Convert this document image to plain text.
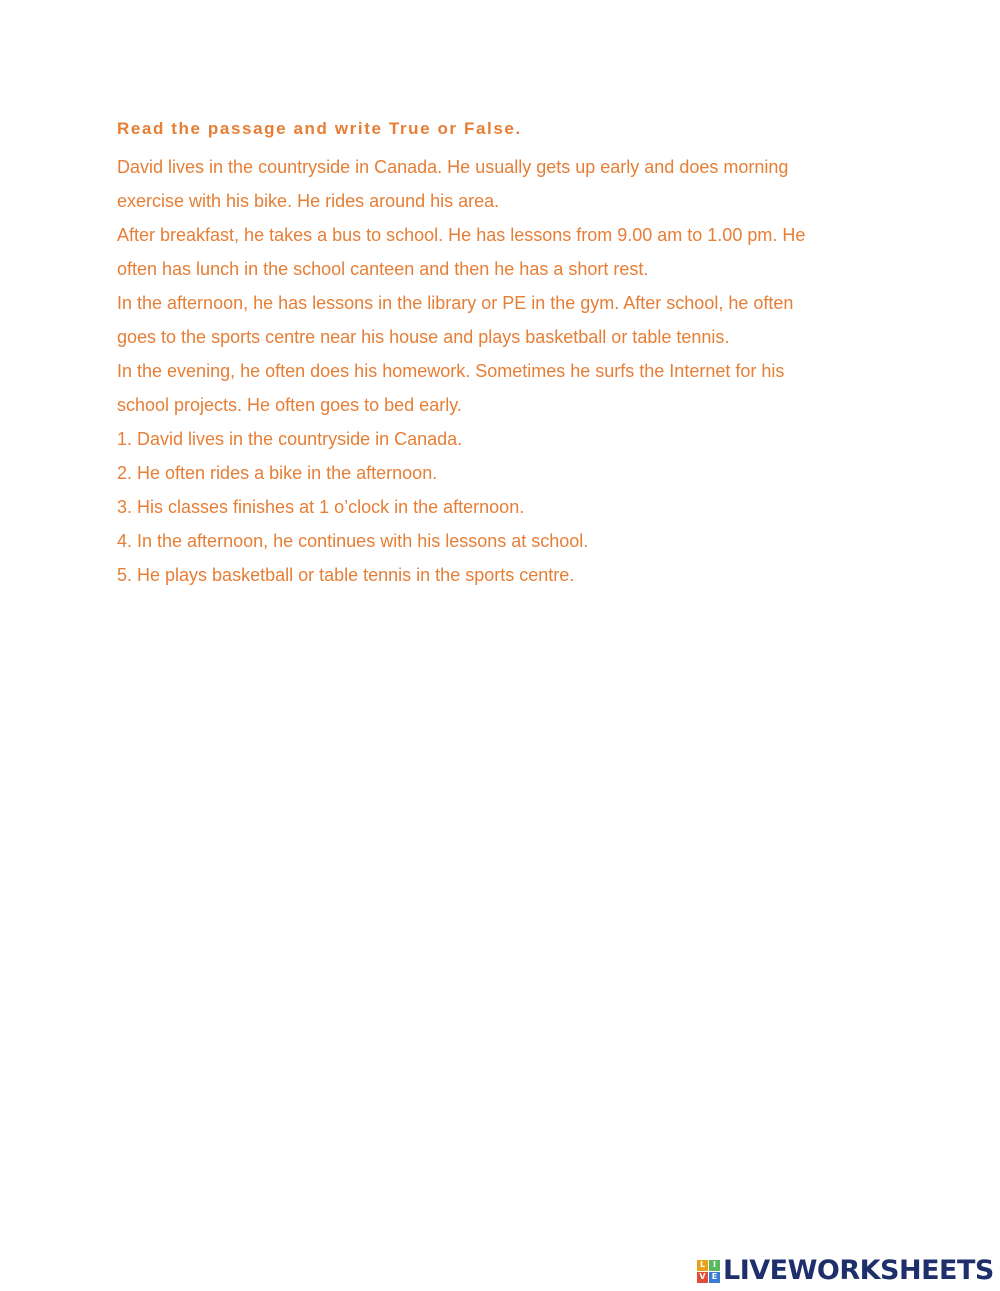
Read the passage and write True or False.

David lives in the countryside in Canada. He usually gets up early and does morning

exercise with his bike. He rides around his area.

After breakfast, he takes a bus to school. He has lessons from 9.00 am to 1.00 pm. He

often has lunch in the school canteen and then he has a short rest.

In the afternoon, he has lessons in the library or PE in the gym. After school, he often

goes to the sports centre near his house and plays basketball or table tennis.

In the evening, he often does his homework. Sometimes he surfs the Internet for his

school projects. He often goes to bed early.

1. David lives in the countryside in Canada.

2. He often rides a bike in the afternoon.

3. His classes finishes at 1 o’clock in the afternoon.

4. In the afternoon, he continues with his lessons at school.

5. He plays basketball or table tennis in the sports centre.

L I
V E LIVEWORKSHEETS
